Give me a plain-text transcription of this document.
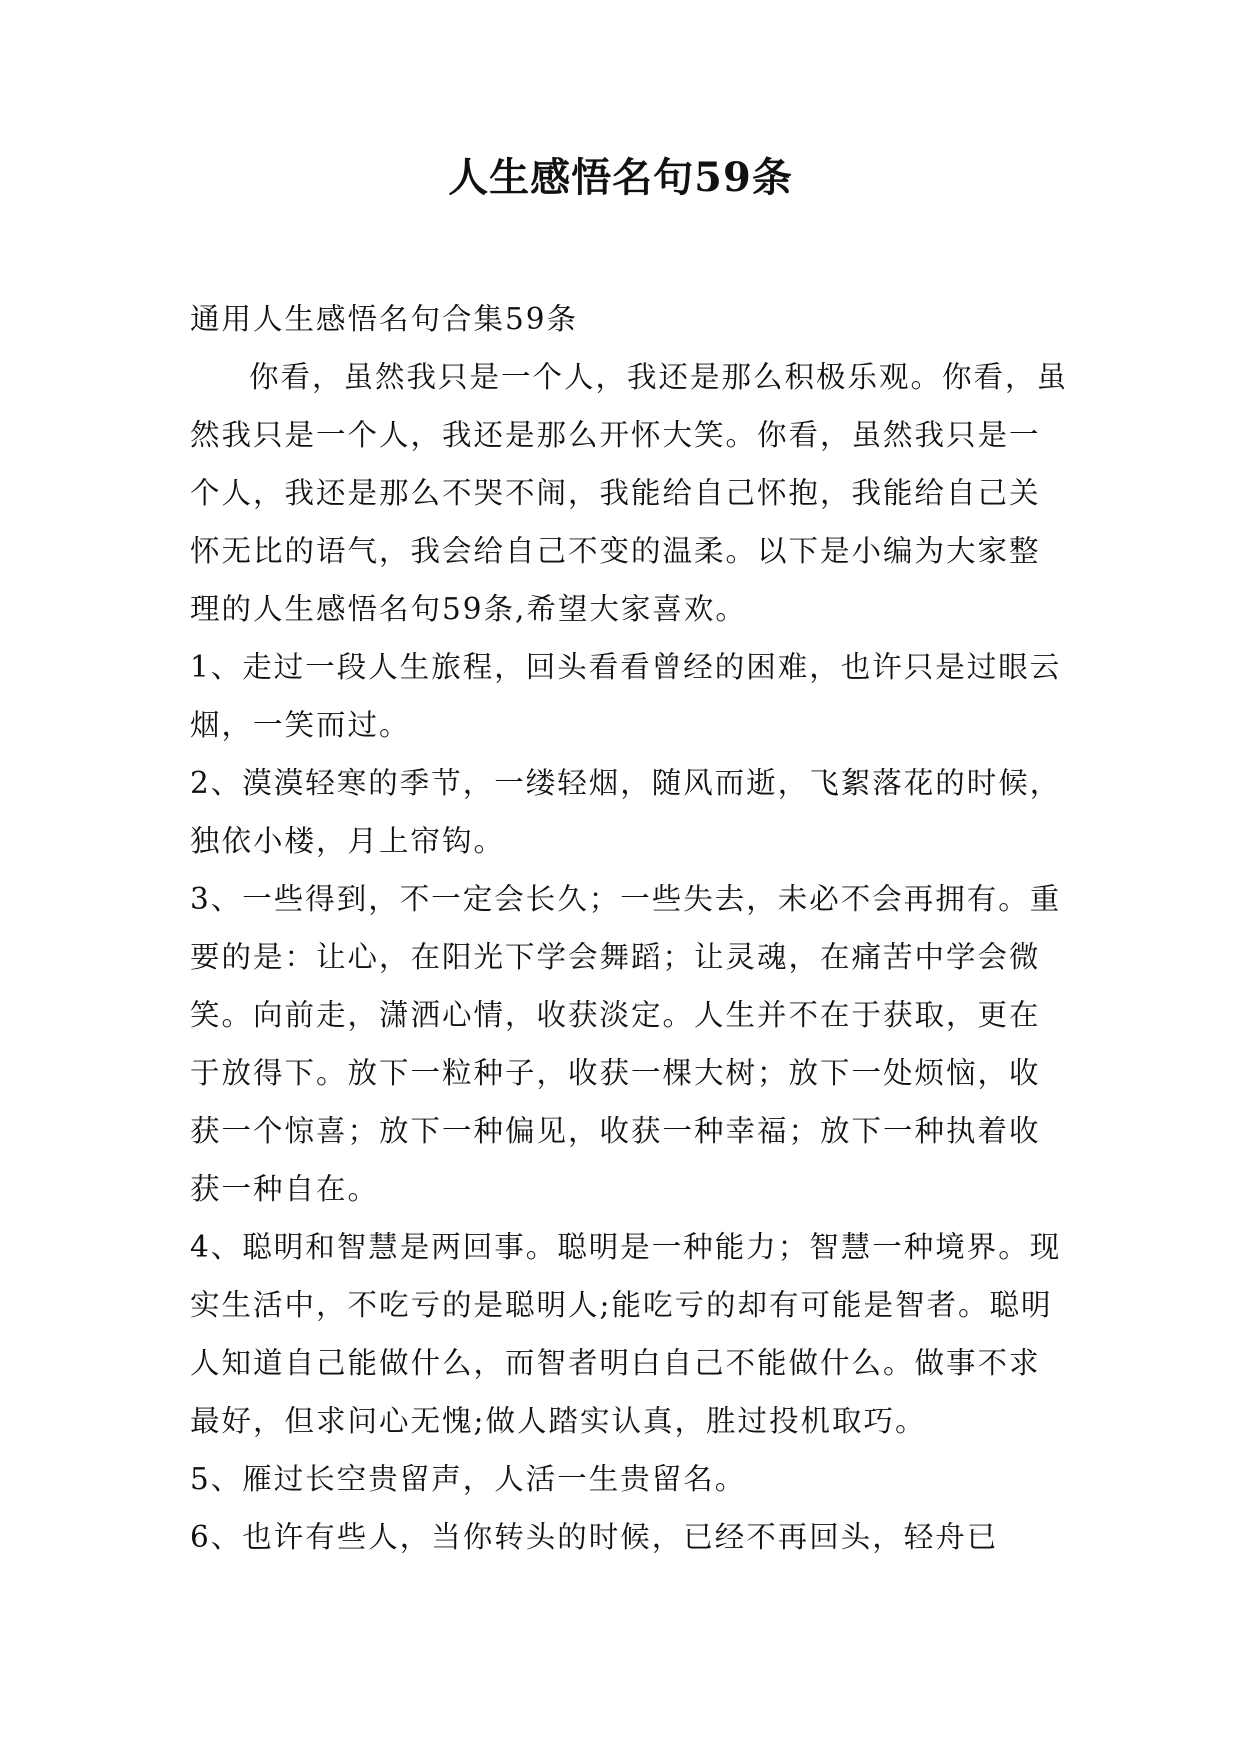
人生感悟名句59条

通用人生感悟名句合集59条

你看，虽然我只是一个人，我还是那么积极乐观。你看，虽然我只是一个人，我还是那么开怀大笑。你看，虽然我只是一个人，我还是那么不哭不闹，我能给自己怀抱，我能给自己关怀无比的语气，我会给自己不变的温柔。以下是小编为大家整理的人生感悟名句59条,希望大家喜欢。

1、走过一段人生旅程，回头看看曾经的困难，也许只是过眼云烟，一笑而过。

2、漠漠轻寒的季节，一缕轻烟，随风而逝，飞絮落花的时候，独依小楼，月上帘钩。

3、一些得到，不一定会长久；一些失去，未必不会再拥有。重要的是：让心，在阳光下学会舞蹈；让灵魂，在痛苦中学会微笑。向前走，潇洒心情，收获淡定。人生并不在于获取，更在于放得下。放下一粒种子，收获一棵大树；放下一处烦恼，收获一个惊喜；放下一种偏见，收获一种幸福；放下一种执着收获一种自在。

4、聪明和智慧是两回事。聪明是一种能力；智慧一种境界。现实生活中，不吃亏的是聪明人;能吃亏的却有可能是智者。聪明人知道自己能做什么，而智者明白自己不能做什么。做事不求最好，但求问心无愧;做人踏实认真，胜过投机取巧。

5、雁过长空贵留声，人活一生贵留名。

6、也许有些人，当你转头的时候，已经不再回头，轻舟已
